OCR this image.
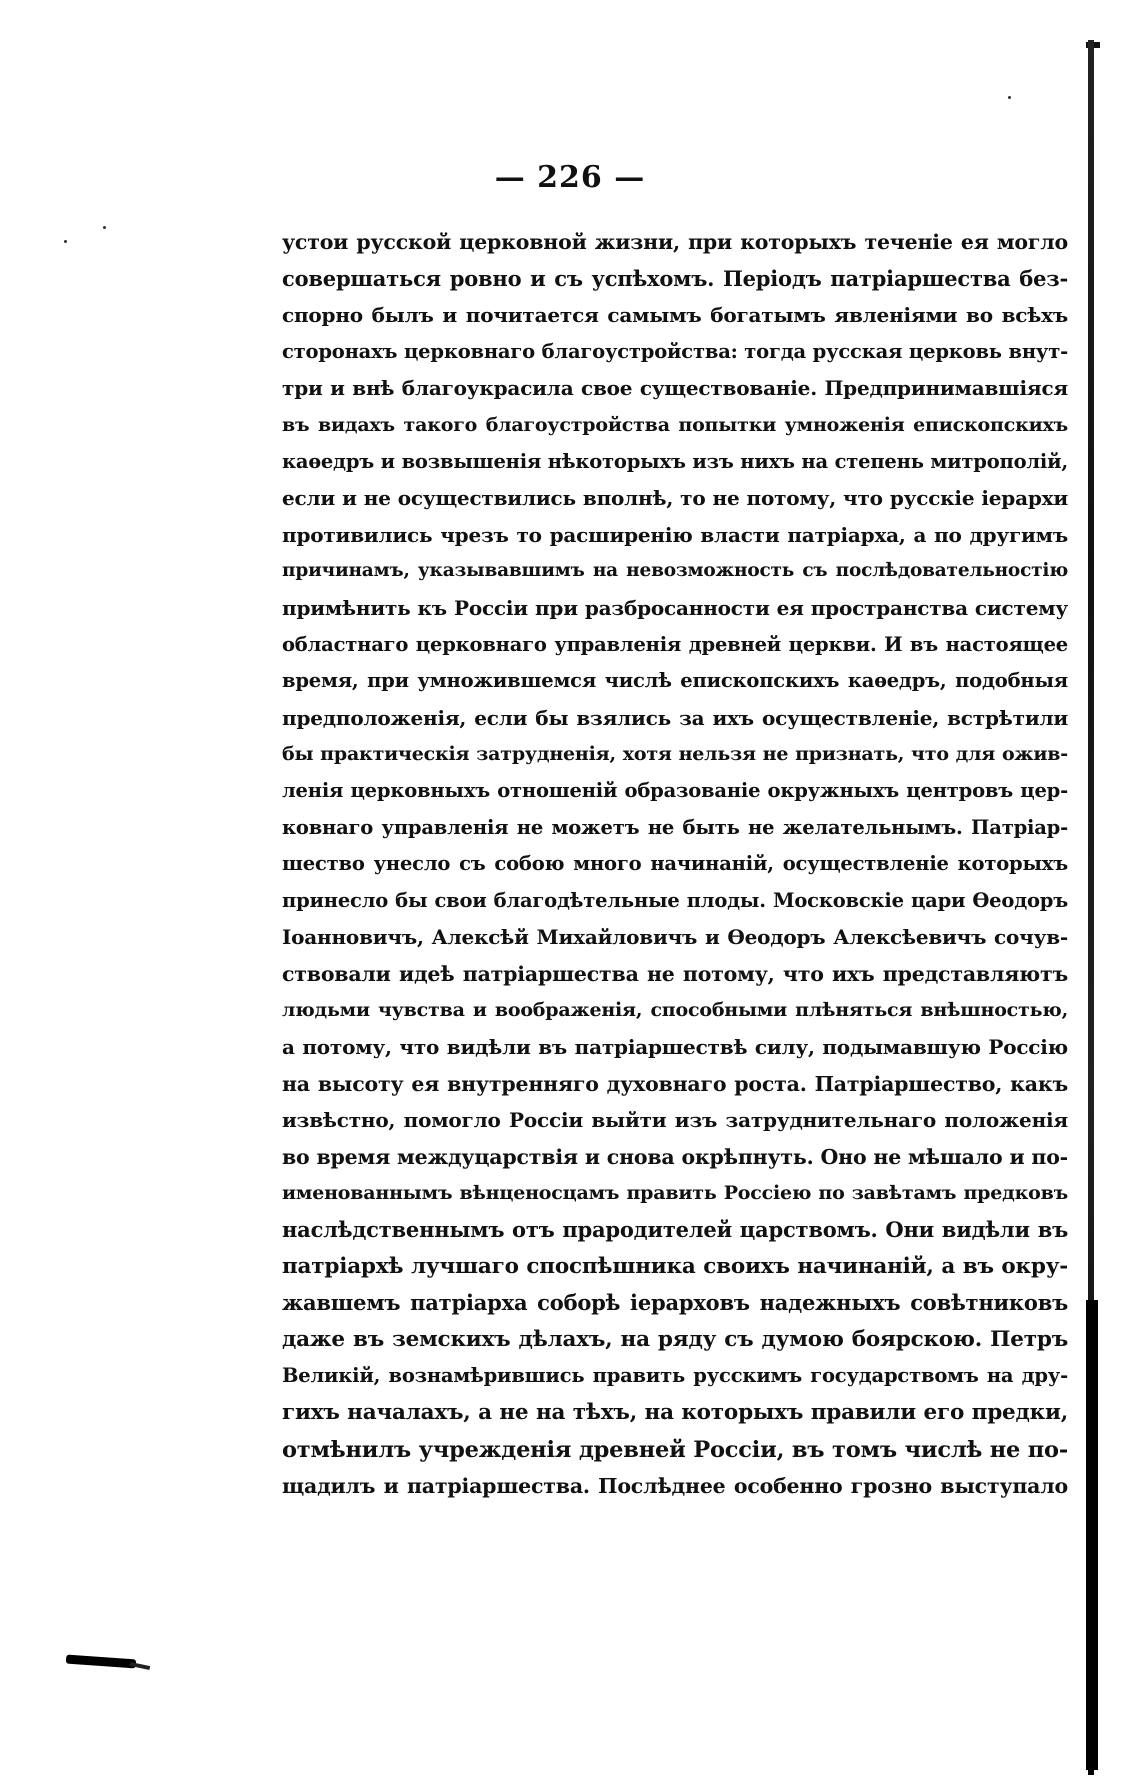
— 226 —
устои русской церковной жизни, при которыхъ теченіе ея могло
совершаться ровно и съ успѣхомъ. Періодъ патріаршества без-
спорно былъ и почитается самымъ богатымъ явленіями во всѣхъ
сторонахъ церковнаго благоустройства: тогда русская церковь внут-
три и внѣ благоукрасила свое существованіе. Предпринимавшіяся
въ видахъ такого благоустройства попытки умноженія епископскихъ
каѳедръ и возвышенія нѣкоторыхъ изъ нихъ на степень митрополій,
если и не осуществились вполнѣ, то не потому, что русскіе іерархи
противились чрезъ то расширенію власти патріарха, а по другимъ
причинамъ, указывавшимъ на невозможность съ послѣдовательностію
примѣнить къ Россіи при разбросанности ея пространства систему
областнаго церковнаго управленія древней церкви. И въ настоящее
время, при умножившемся числѣ епископскихъ каѳедръ, подобныя
предположенія, если бы взялись за ихъ осуществленіе, встрѣтили
бы практическія затрудненія, хотя нельзя не признать, что для ожив-
ленія церковныхъ отношеній образованіе окружныхъ центровъ цер-
ковнаго управленія не можетъ не быть не желательнымъ. Патріар-
шество унесло съ собою много начинаній, осуществленіе которыхъ
принесло бы свои благодѣтельные плоды. Московскіе цари Ѳеодоръ
Іоанновичъ, Алексѣй Михайловичъ и Ѳеодоръ Алексѣевичъ сочув-
ствовали идеѣ патріаршества не потому, что ихъ представляютъ
людьми чувства и воображенія, способными плѣняться внѣшностью,
а потому, что видѣли въ патріаршествѣ силу, подымавшую Россію
на высоту ея внутренняго духовнаго роста. Патріаршество, какъ
извѣстно, помогло Россіи выйти изъ затруднительнаго положенія
во время междуцарствія и снова окрѣпнуть. Оно не мѣшало и по-
именованнымъ вѣнценосцамъ править Россіею по завѣтамъ предковъ
наслѣдственнымъ отъ прародителей царствомъ. Они видѣли въ
патріархѣ лучшаго споспѣшника своихъ начинаній, а въ окру-
жавшемъ патріарха соборѣ іерарховъ надежныхъ совѣтниковъ
даже въ земскихъ дѣлахъ, на ряду съ думою боярскою. Петръ
Великій, вознамѣрившись править русскимъ государствомъ на дру-
гихъ началахъ, а не на тѣхъ, на которыхъ правили его предки,
отмѣнилъ учрежденія древней Россіи, въ томъ числѣ не по-
щадилъ и патріаршества. Послѣднее особенно грозно выступало
